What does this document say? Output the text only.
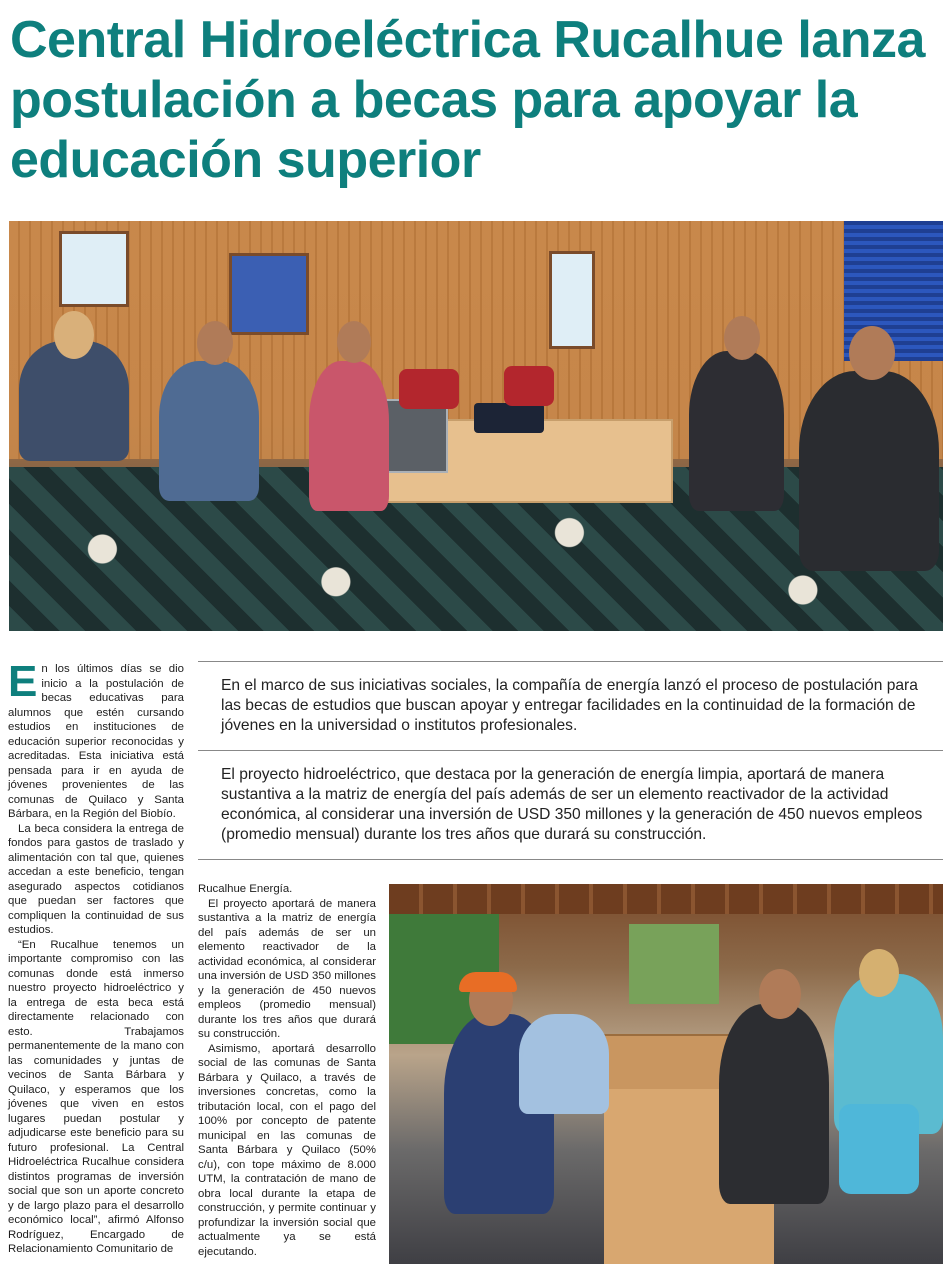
Central Hidroeléctrica Rucalhue lanza postulación a becas para apoyar la educación superior

En los últimos días se dio inicio a la postulación de becas educativas para alumnos que estén cursando estudios en instituciones de educación superior reconocidas y acreditadas. Esta iniciativa está pensada para ir en ayuda de jóvenes provenientes de las comunas de Quilaco y Santa Bárbara, en la Región del Biobío.

La beca considera la entrega de fondos para gastos de traslado y alimentación con tal que, quienes accedan a este beneficio, tengan asegurado aspectos cotidianos que puedan ser factores que compliquen la continuidad de sus estudios.

“En Rucalhue tenemos un importante compromiso con las comunas donde está inmerso nuestro proyecto hidroeléctrico y la entrega de esta beca está directamente relacionado con esto. Trabajamos permanentemente de la mano con las comunidades y juntas de vecinos de Santa Bárbara y Quilaco, y esperamos que los jóvenes que viven en estos lugares puedan postular y adjudicarse este beneficio para su futuro profesional. La Central Hidroeléctrica Rucalhue considera distintos programas de inversión social que son un aporte concreto y de largo plazo para el desarrollo económico local”, afirmó Alfonso Rodríguez, Encargado de Relacionamiento Comunitario de

En el marco de sus iniciativas sociales, la compañía de energía lanzó el proceso de postulación para las becas de estudios que buscan apoyar y entregar facilidades en la continuidad de la formación de jóvenes en la universidad o institutos profesionales.

El proyecto hidroeléctrico, que destaca por la generación de energía limpia, aportará de manera sustantiva a la matriz de energía del país además de ser un elemento reactivador de la actividad económica, al considerar una inversión de USD 350 millones y la generación de 450 nuevos empleos (promedio mensual) durante los tres años que durará su construcción.

Rucalhue Energía.

El proyecto aportará de manera sustantiva a la matriz de energía del país además de ser un elemento reactivador de la actividad económica, al considerar una inversión de USD 350 millones y la generación de 450 nuevos empleos (promedio mensual) durante los tres años que durará su construcción.

Asimismo, aportará desarrollo social de las comunas de Santa Bárbara y Quilaco, a través de inversiones concretas, como la tributación local, con el pago del 100% por concepto de patente municipal en las comunas de Santa Bárbara y Quilaco (50% c/u), con tope máximo de 8.000 UTM, la contratación de mano de obra local durante la etapa de construcción, y permite continuar y profundizar la inversión social que actualmente ya se está ejecutando.
